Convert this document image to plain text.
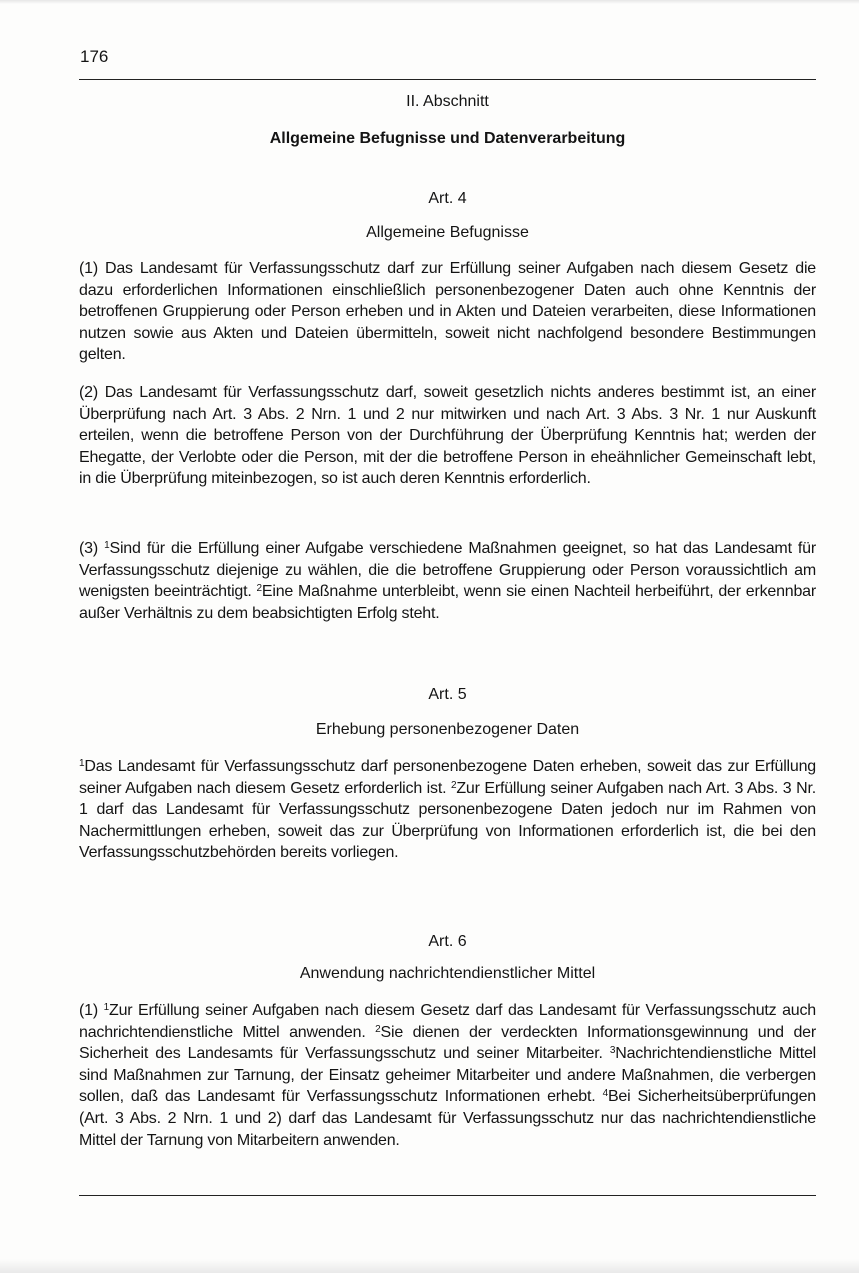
176
II. Abschnitt
Allgemeine Befugnisse und Datenverarbeitung
Art. 4
Allgemeine Befugnisse

(1) Das Landesamt für Verfassungsschutz darf zur Erfüllung seiner Aufgaben nach diesem Gesetz die dazu erforderlichen Informationen einschließlich personenbezogener Daten auch ohne Kenntnis der betroffenen Gruppierung oder Person erheben und in Akten und Dateien verarbeiten, diese Informationen nutzen sowie aus Akten und Dateien übermitteln, soweit nicht nachfolgend besondere Bestimmungen gelten.

(2) Das Landesamt für Verfassungsschutz darf, soweit gesetzlich nichts anderes bestimmt ist, an einer Überprüfung nach Art. 3 Abs. 2 Nrn. 1 und 2 nur mitwirken und nach Art. 3 Abs. 3 Nr. 1 nur Auskunft erteilen, wenn die betroffene Person von der Durchführung der Überprüfung Kenntnis hat; werden der Ehegatte, der Verlobte oder die Person, mit der die betroffene Person in eheähnlicher Gemeinschaft lebt, in die Überprüfung miteinbezogen, so ist auch deren Kenntnis erforderlich.

(3) $^1$Sind für die Erfüllung einer Aufgabe verschiedene Maßnahmen geeignet, so hat das Landesamt für Verfassungsschutz diejenige zu wählen, die die betroffene Gruppierung oder Person voraussichtlich am wenigsten beeinträchtigt. $^2$Eine Maßnahme unterbleibt, wenn sie einen Nachteil herbeiführt, der erkennbar außer Verhältnis zu dem beabsichtigten Erfolg steht.

Art. 5
Erhebung personenbezogener Daten

$^1$Das Landesamt für Verfassungsschutz darf personenbezogene Daten erheben, soweit das zur Erfüllung seiner Aufgaben nach diesem Gesetz erforderlich ist. $^2$Zur Erfüllung seiner Aufgaben nach Art. 3 Abs. 3 Nr. 1 darf das Landesamt für Verfassungsschutz personenbezogene Daten jedoch nur im Rahmen von Nachermittlungen erheben, soweit das zur Überprüfung von Informationen erforderlich ist, die bei den Verfassungsschutzbehörden bereits vorliegen.

Art. 6
Anwendung nachrichtendienstlicher Mittel

(1) $^1$Zur Erfüllung seiner Aufgaben nach diesem Gesetz darf das Landesamt für Verfassungsschutz auch nachrichtendienstliche Mittel anwenden. $^2$Sie dienen der verdeckten Informationsgewinnung und der Sicherheit des Landesamts für Verfassungsschutz und seiner Mitarbeiter. $^3$Nachrichtendienstliche Mittel sind Maßnahmen zur Tarnung, der Einsatz geheimer Mitarbeiter und andere Maßnahmen, die verbergen sollen, daß das Landesamt für Verfassungsschutz Informationen erhebt. $^4$Bei Sicherheitsüberprüfungen (Art. 3 Abs. 2 Nrn. 1 und 2) darf das Landesamt für Verfassungsschutz nur das nachrichtendienstliche Mittel der Tarnung von Mitarbeitern anwenden.
